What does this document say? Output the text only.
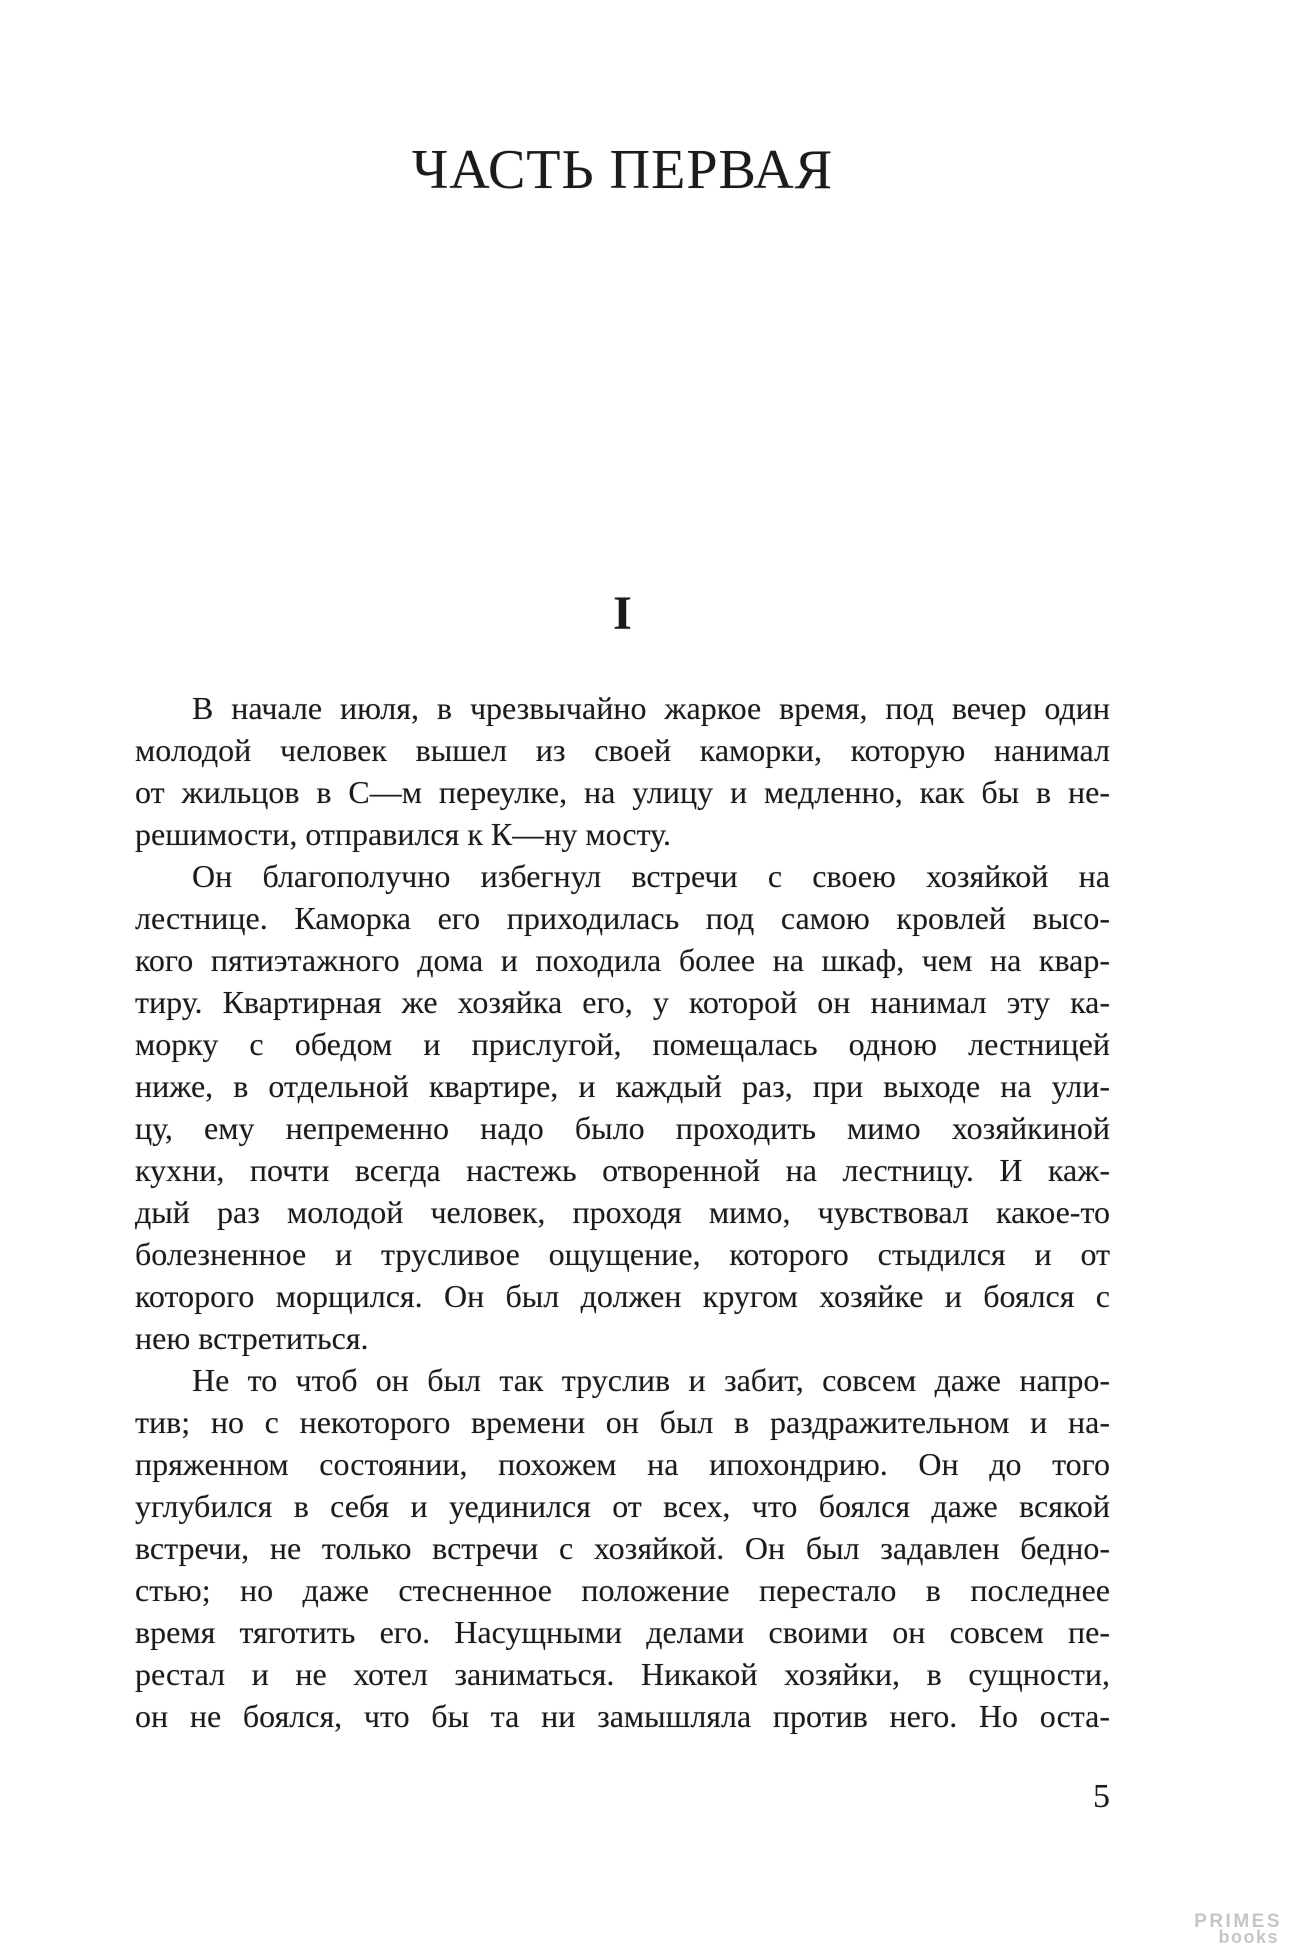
ЧАСТЬ ПЕРВАЯ
I
В начале июля, в чрезвычайно жаркое время, под вечер один
молодой человек вышел из своей каморки, которую нанимал
от жильцов в С—м переулке, на улицу и медленно, как бы в не-
решимости, отправился к К—ну мосту.
Он благополучно избегнул встречи с своею хозяйкой на
лестнице. Каморка его приходилась под самою кровлей высо-
кого пятиэтажного дома и походила более на шкаф, чем на квар-
тиру. Квартирная же хозяйка его, у которой он нанимал эту ка-
морку с обедом и прислугой, помещалась одною лестницей
ниже, в отдельной квартире, и каждый раз, при выходе на ули-
цу, ему непременно надо было проходить мимо хозяйкиной
кухни, почти всегда настежь отворенной на лестницу. И каж-
дый раз молодой человек, проходя мимо, чувствовал какое-то
болезненное и трусливое ощущение, которого стыдился и от
которого морщился. Он был должен кругом хозяйке и боялся с
нею встретиться.
Не то чтоб он был так труслив и забит, совсем даже напро-
тив; но с некоторого времени он был в раздражительном и на-
пряженном состоянии, похожем на ипохондрию. Он до того
углубился в себя и уединился от всех, что боялся даже всякой
встречи, не только встречи с хозяйкой. Он был задавлен бедно-
стью; но даже стесненное положение перестало в последнее
время тяготить его. Насущными делами своими он совсем пе-
рестал и не хотел заниматься. Никакой хозяйки, в сущности,
он не боялся, что бы та ни замышляла против него. Но оста-
5
PRIMES
books
